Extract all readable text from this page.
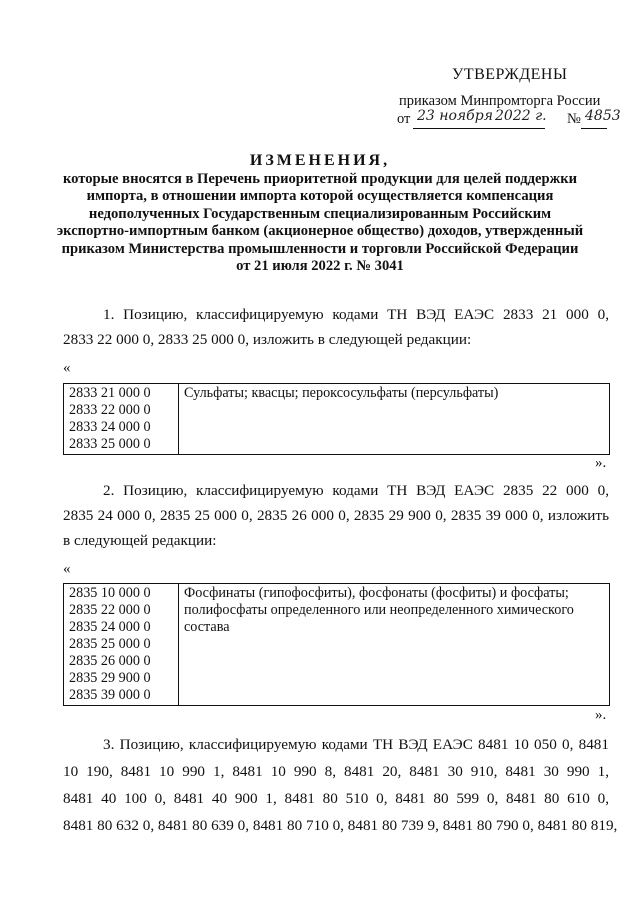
УТВЕРЖДЕНЫ
приказом Минпромторга России
от 23 ноября 2022 г. № 4853
ИЗМЕНЕНИЯ,
которые вносятся в Перечень приоритетной продукции для целей поддержки
импорта, в отношении импорта которой осуществляется компенсация
недополученных Государственным специализированным Российским
экспортно-импортным банком (акционерное общество) доходов, утвержденный
приказом Министерства промышленности и торговли Российской Федерации
от 21 июля 2022 г. № 3041
1. Позицию, классифицируемую кодами ТН ВЭД ЕАЭС 2833 21 000 0,
2833 22 000 0, 2833 25 000 0, изложить в следующей редакции:
«
2833 21 000 0
2833 22 000 0
2833 24 000 0
2833 25 000 0

Сульфаты; квасцы; пероксосульфаты (персульфаты)
».
2. Позицию, классифицируемую кодами ТН ВЭД ЕАЭС 2835 22 000 0,
2835 24 000 0, 2835 25 000 0, 2835 26 000 0, 2835 29 900 0, 2835 39 000 0, изложить
в следующей редакции:
«
2835 10 000 0
2835 22 000 0
2835 24 000 0
2835 25 000 0
2835 26 000 0
2835 29 900 0
2835 39 000 0

Фосфинаты (гипофосфиты), фосфонаты (фосфиты) и фосфаты;
полифосфаты определенного или неопределенного химического
состава
».
3. Позицию, классифицируемую кодами ТН ВЭД ЕАЭС 8481 10 050 0, 8481
10 190, 8481 10 990 1, 8481 10 990 8, 8481 20, 8481 30 910, 8481 30 990 1,
8481 40 100 0, 8481 40 900 1, 8481 80 510 0, 8481 80 599 0, 8481 80 610 0,
8481 80 632 0, 8481 80 639 0, 8481 80 710 0, 8481 80 739 9, 8481 80 790 0, 8481 80 819,
